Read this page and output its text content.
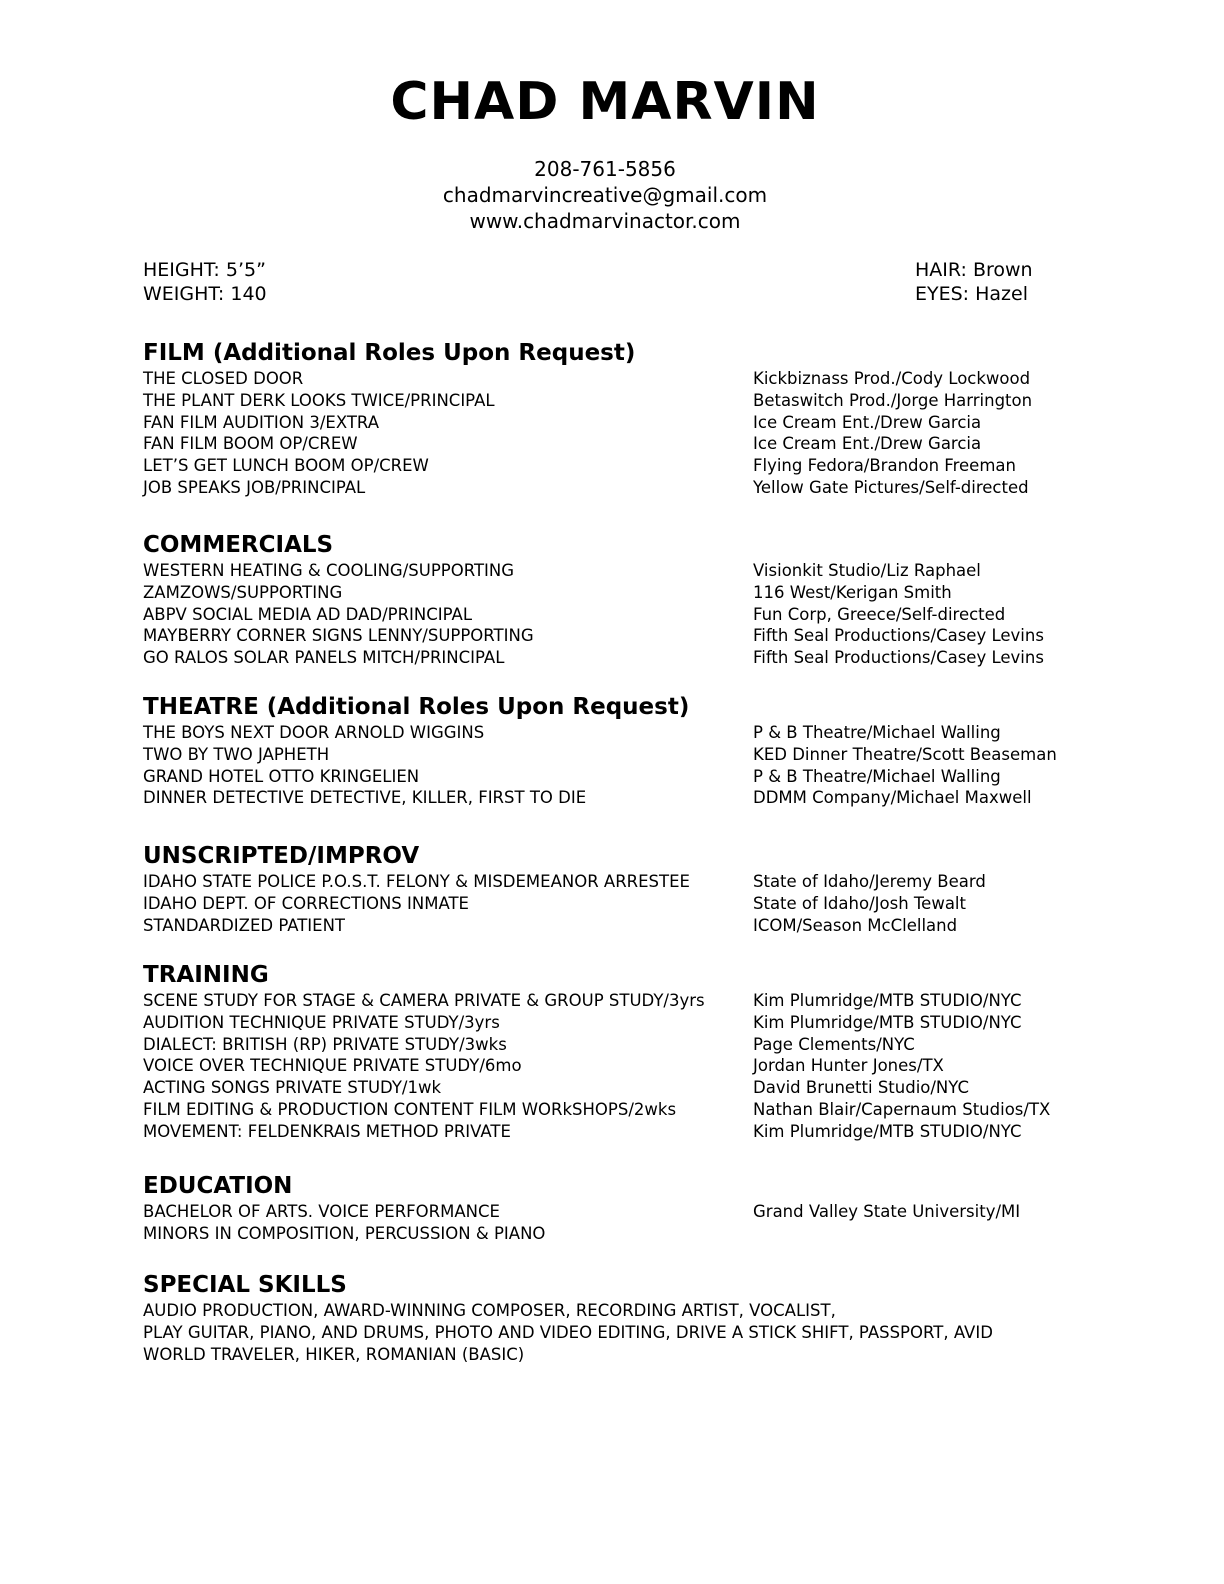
CHAD MARVIN
208-761-5856
chadmarvincreative@gmail.com
www.chadmarvinactor.com
HEIGHT: 5’5”
WEIGHT: 140
HAIR: Brown
EYES: Hazel
FILM (Additional Roles Upon Request)
THE CLOSED DOOR	Kickbiznass Prod./Cody Lockwood
THE PLANT DERK LOOKS TWICE/PRINCIPAL	Betaswitch Prod./Jorge Harrington
FAN FILM AUDITION 3/EXTRA	Ice Cream Ent./Drew Garcia
FAN FILM BOOM OP/CREW	Ice Cream Ent./Drew Garcia
LET’S GET LUNCH BOOM OP/CREW	Flying Fedora/Brandon Freeman
JOB SPEAKS JOB/PRINCIPAL	Yellow Gate Pictures/Self-directed
COMMERCIALS
WESTERN HEATING & COOLING/SUPPORTING	Visionkit Studio/Liz Raphael
ZAMZOWS/SUPPORTING	116 West/Kerigan Smith
ABPV SOCIAL MEDIA AD DAD/PRINCIPAL	Fun Corp, Greece/Self-directed
MAYBERRY CORNER SIGNS LENNY/SUPPORTING	Fifth Seal Productions/Casey Levins
GO RALOS SOLAR PANELS MITCH/PRINCIPAL	Fifth Seal Productions/Casey Levins
THEATRE (Additional Roles Upon Request)
THE BOYS NEXT DOOR ARNOLD WIGGINS	P & B Theatre/Michael Walling
TWO BY TWO JAPHETH	KED Dinner Theatre/Scott Beaseman
GRAND HOTEL OTTO KRINGELIEN	P & B Theatre/Michael Walling
DINNER DETECTIVE DETECTIVE, KILLER, FIRST TO DIE	DDMM Company/Michael Maxwell
UNSCRIPTED/IMPROV
IDAHO STATE POLICE P.O.S.T. FELONY & MISDEMEANOR ARRESTEE	State of Idaho/Jeremy Beard
IDAHO DEPT. OF CORRECTIONS INMATE	State of Idaho/Josh Tewalt
STANDARDIZED PATIENT	ICOM/Season McClelland
TRAINING
SCENE STUDY FOR STAGE & CAMERA PRIVATE & GROUP STUDY/3yrs	Kim Plumridge/MTB STUDIO/NYC
AUDITION TECHNIQUE PRIVATE STUDY/3yrs	Kim Plumridge/MTB STUDIO/NYC
DIALECT: BRITISH (RP) PRIVATE STUDY/3wks	Page Clements/NYC
VOICE OVER TECHNIQUE PRIVATE STUDY/6mo	Jordan Hunter Jones/TX
ACTING SONGS PRIVATE STUDY/1wk	David Brunetti Studio/NYC
FILM EDITING & PRODUCTION CONTENT FILM WORkSHOPS/2wks	Nathan Blair/Capernaum Studios/TX
MOVEMENT: FELDENKRAIS METHOD PRIVATE	Kim Plumridge/MTB STUDIO/NYC
EDUCATION
BACHELOR OF ARTS. VOICE PERFORMANCE	Grand Valley State University/MI
MINORS IN COMPOSITION, PERCUSSION & PIANO
SPECIAL SKILLS
AUDIO PRODUCTION, AWARD-WINNING COMPOSER, RECORDING ARTIST, VOCALIST,
PLAY GUITAR, PIANO, AND DRUMS, PHOTO AND VIDEO EDITING, DRIVE A STICK SHIFT, PASSPORT, AVID
WORLD TRAVELER, HIKER, ROMANIAN (BASIC)
